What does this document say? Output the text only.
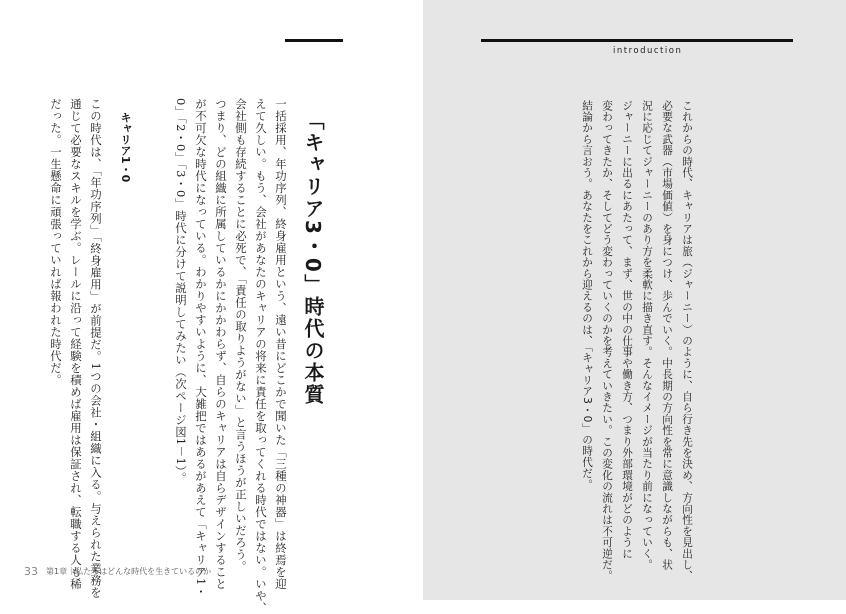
「キャリア3・0」時代の本質
一括採用、年功序列、終身雇用という、遠い昔にどこかで聞いた「三種の神器」は終焉を迎
えて久しい。もう、会社があなたのキャリアの将来に責任を取ってくれる時代ではない。いや、
会社側も存続することに必死で、「責任の取りようがない」と言うほうが正しいだろう。
つまり、どの組織に所属しているかにかかわらず、自らのキャリアは自らデザインすること
が不可欠な時代になっている。わかりやすいように、大雑把ではあるがあえて「キャリア1・
0」「2・0」「3・0」時代に分けて説明してみたい（次ページ図1－1）。
キャリア1・0
この時代は、「年功序列」「終身雇用」が前提だ。1つの会社・組織に入る。与えられた業務を
通じて必要なスキルを学ぶ。レールに沿って経験を積めば雇用は保証され、転職する人も稀
だった。一生懸命に頑張っていれば報われた時代だ。
33 第1章｜私たちはどんな時代を生きているのか
introduction
これからの時代、キャリアは旅（ジャーニー）のように、自ら行き先を決め、方向性を見出し、
必要な武器（市場価値）を身につけ、歩んでいく。中長期の方向性を常に意識しながらも、状
況に応じてジャーニーのあり方を柔軟に描き直す。そんなイメージが当たり前になっていく。
ジャーニーに出るにあたって、まず、世の中の仕事や働き方、つまり外部環境がどのように
変わってきたか、そしてどう変わっていくのかを考えていきたい。この変化の流れは不可逆だ。
結論から言おう。あなたをこれから迎えるのは、「キャリア3・0」の時代だ。
